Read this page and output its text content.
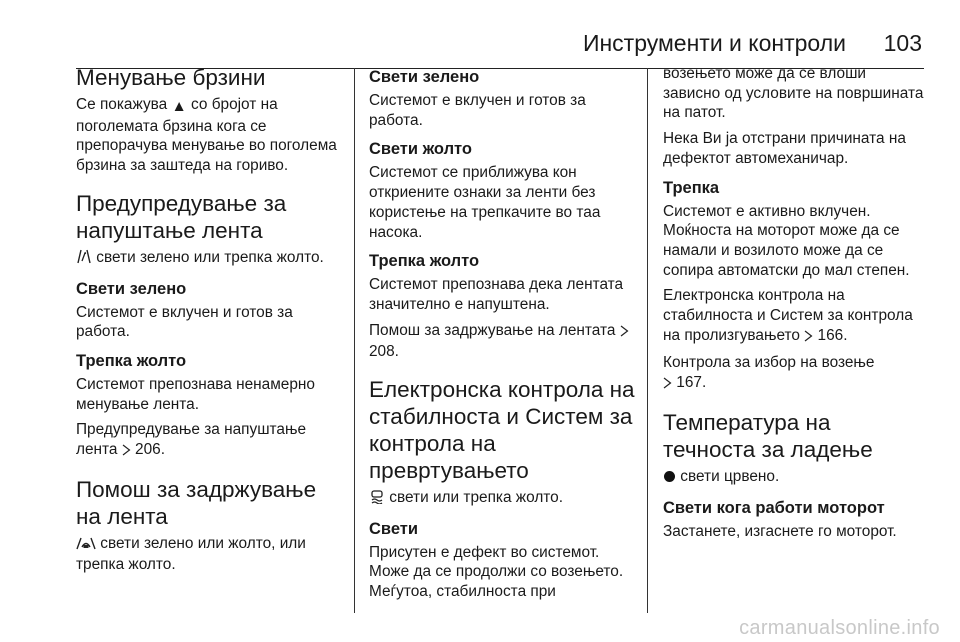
Инструменти и контроли 103
Менување брзини

Се покажува ▲ со бројот на поголемата брзина кога се препорачува менување во поголема брзина за заштеда на гориво.

Предупредување за напуштање лента

свети зелено или трепка жолто.

Свети зелено

Системот е вклучен и готов за работа.

Трепка жолто

Системот препознава ненамерно менување лента.

Предупредување за напуштање лента 206.

Помош за задржување на лента

свети зелено или жолто, или трепка жолто.

Свети зелено

Системот е вклучен и готов за работа.

Свети жолто

Системот се приближува кон откриените ознаки за ленти без користење на трепкачите во таа насока.

Трепка жолто

Системот препознава дека лентата значително е напуштена.

Помош за задржување на лентата  208.

Електронска контрола на стабилноста и Систем за контрола на превртувањето

свети или трепка жолто.

Свети

Присутен е дефект во системот. Може да се продолжи со возењето. Меѓутоа, стабилноста при

возењето може да се влоши зависно од условите на површината на патот.

Нека Ви ја отстрани причината на дефектот автомеханичар.

Трепка

Системот е активно вклучен. Моќноста на моторот може да се намали и возилото може да се сопира автоматски до мал степен.

Електронска контрола на стабилноста и Систем за контрола на пролизгувањето 166.

Контрола за избор на возење
167.

Температура на течноста за ладење

свети црвено.

Свети кога работи моторот

Застанете, изгаснете го моторот.

carmanualsonline.info
